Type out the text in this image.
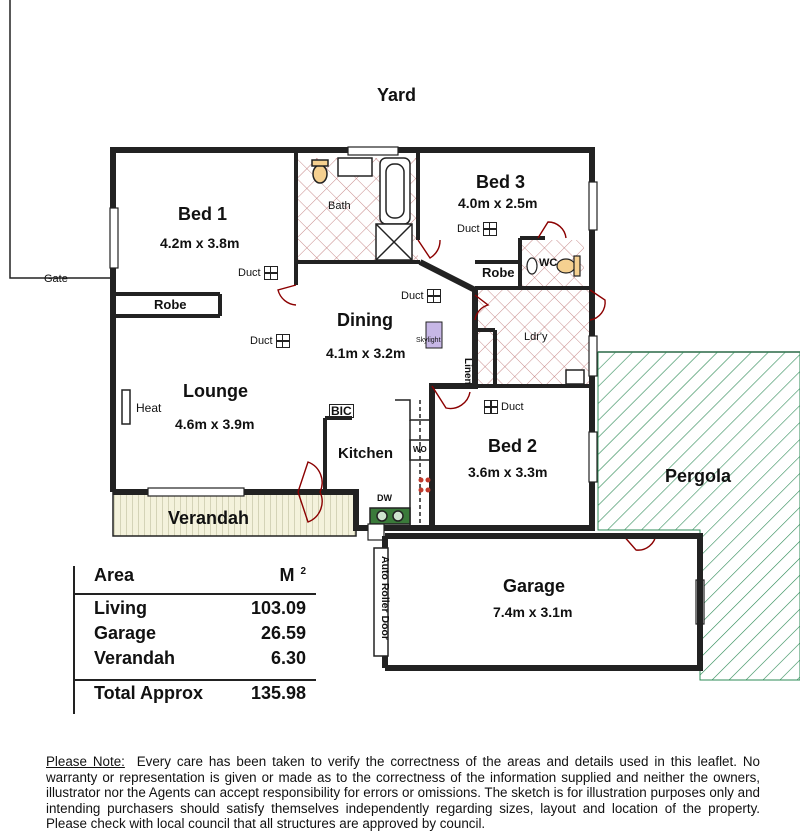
Yard
Gate
Pergola
Bed 1
4.2m x 3.8m
Duct
Robe
Bath
Bed 3
4.0m x 2.5m
Duct
Robe
WC
Duct
Dining
4.1m x 3.2m
Skylight	Ldr'y
Linen
Duct
Lounge
4.6m x 3.9m
Heat	BIC
Kitchen WO
DW
Duct
Bed 2
3.6m x 3.3m
Verandah
Garage
7.4m x 3.1m
Auto Roller Door
Area	M $^2$
Living	103.09
Garage	26.59
Verandah	6.30
Total Approx	135.98
Please Note: Every care has been taken to verify the correctness of the areas and details used in this leaflet. No warranty or representation is given or made as to the correctness of the information supplied and neither the owners, illustrator nor the Agents can accept responsibility for errors or omissions. The sketch is for illustration purposes only and intending purchasers should satisfy themselves independently regarding sizes, layout and location of the property. Please check with local council that all structures are approved by council.
